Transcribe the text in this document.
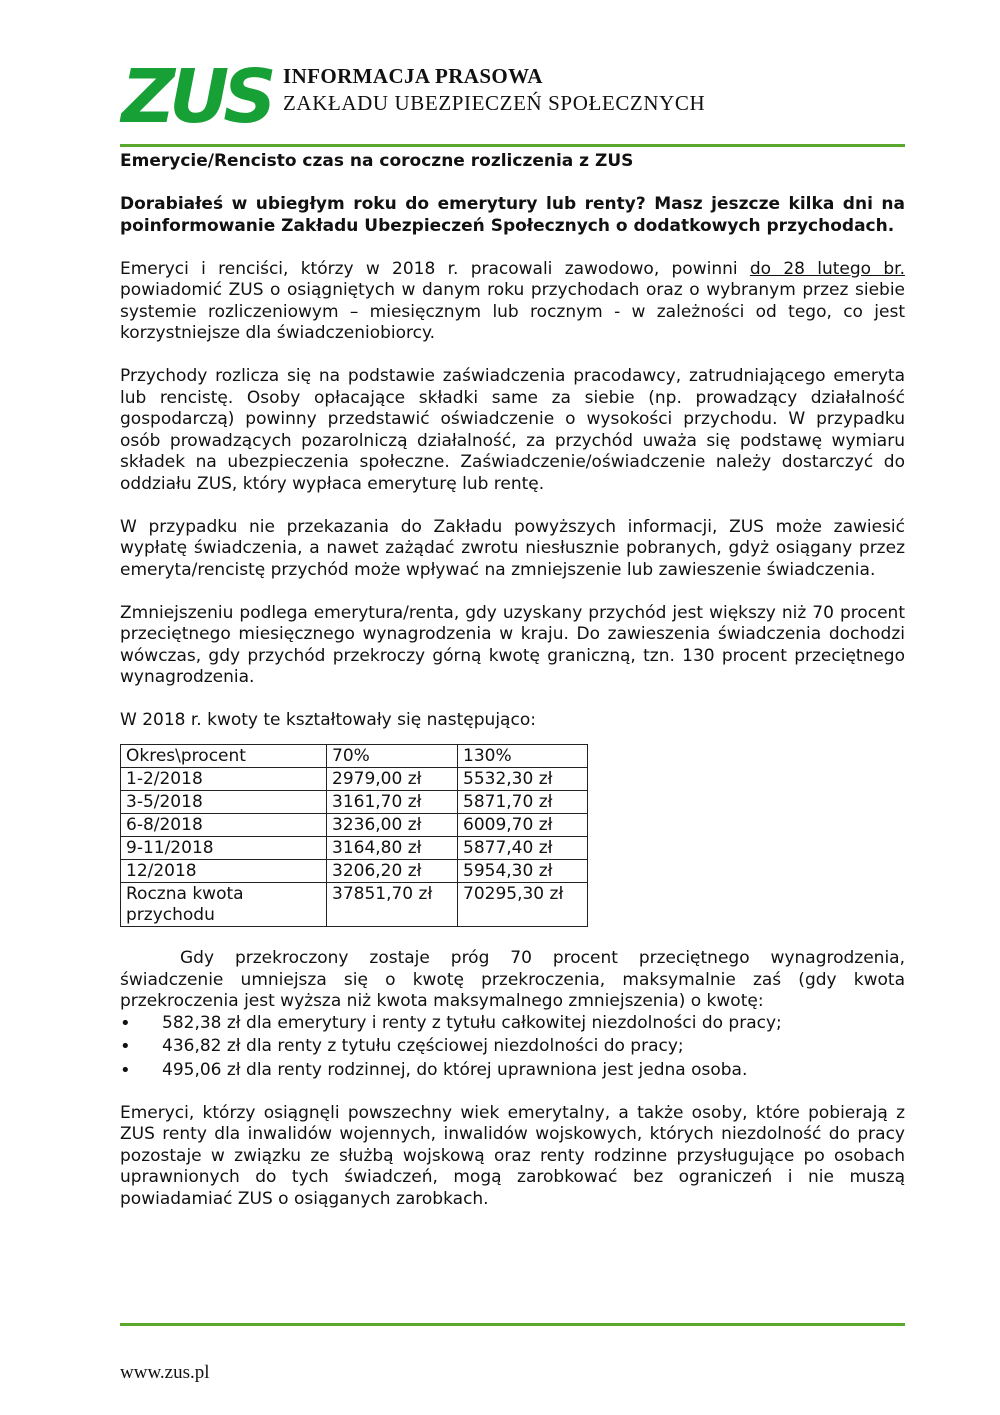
ZUS INFORMACJA PRASOWA
ZAKŁADU UBEZPIECZEŃ SPOŁECZNYCH

Emerycie/Rencisto czas na coroczne rozliczenia z ZUS

Dorabiałeś w ubiegłym roku do emerytury lub renty? Masz jeszcze kilka dni na poinformowanie Zakładu Ubezpieczeń Społecznych o dodatkowych przychodach.

Emeryci i renciści, którzy w 2018 r. pracowali zawodowo, powinni do 28 lutego br. powiadomić ZUS o osiągniętych w danym roku przychodach oraz o wybranym przez siebie systemie rozliczeniowym – miesięcznym lub rocznym - w zależności od tego, co jest korzystniejsze dla świadczeniobiorcy.

Przychody rozlicza się na podstawie zaświadczenia pracodawcy, zatrudniającego emeryta lub rencistę. Osoby opłacające składki same za siebie (np. prowadzący działalność gospodarczą) powinny przedstawić oświadczenie o wysokości przychodu. W przypadku osób prowadzących pozarolniczą działalność, za przychód uważa się podstawę wymiaru składek na ubezpieczenia społeczne. Zaświadczenie/oświadczenie należy dostarczyć do oddziału ZUS, który wypłaca emeryturę lub rentę.

W przypadku nie przekazania do Zakładu powyższych informacji, ZUS może zawiesić wypłatę świadczenia, a nawet zażądać zwrotu niesłusznie pobranych, gdyż osiągany przez emeryta/rencistę przychód może wpływać na zmniejszenie lub zawieszenie świadczenia.

Zmniejszeniu podlega emerytura/renta, gdy uzyskany przychód jest większy niż 70 procent przeciętnego miesięcznego wynagrodzenia w kraju. Do zawieszenia świadczenia dochodzi wówczas, gdy przychód przekroczy górną kwotę graniczną, tzn. 130 procent przeciętnego wynagrodzenia.

W 2018 r. kwoty te kształtowały się następująco:

Okres\procent	70%	130%
1-2/2018	2979,00 zł	5532,30 zł
3-5/2018	3161,70 zł	5871,70 zł
6-8/2018	3236,00 zł	6009,70 zł
9-11/2018	3164,80 zł	5877,40 zł
12/2018	3206,20 zł	5954,30 zł
Roczna kwota przychodu	37851,70 zł	70295,30 zł

Gdy przekroczony zostaje próg 70 procent przeciętnego wynagrodzenia, świadczenie umniejsza się o kwotę przekroczenia, maksymalnie zaś (gdy kwota przekroczenia jest wyższa niż kwota maksymalnego zmniejszenia) o kwotę:

• 582,38 zł dla emerytury i renty z tytułu całkowitej niezdolności do pracy;
• 436,82 zł dla renty z tytułu częściowej niezdolności do pracy;
• 495,06 zł dla renty rodzinnej, do której uprawniona jest jedna osoba.

Emeryci, którzy osiągnęli powszechny wiek emerytalny, a także osoby, które pobierają z ZUS renty dla inwalidów wojennych, inwalidów wojskowych, których niezdolność do pracy pozostaje w związku ze służbą wojskową oraz renty rodzinne przysługujące po osobach uprawnionych do tych świadczeń, mogą zarobkować bez ograniczeń i nie muszą powiadamiać ZUS o osiąganych zarobkach.

www.zus.pl
